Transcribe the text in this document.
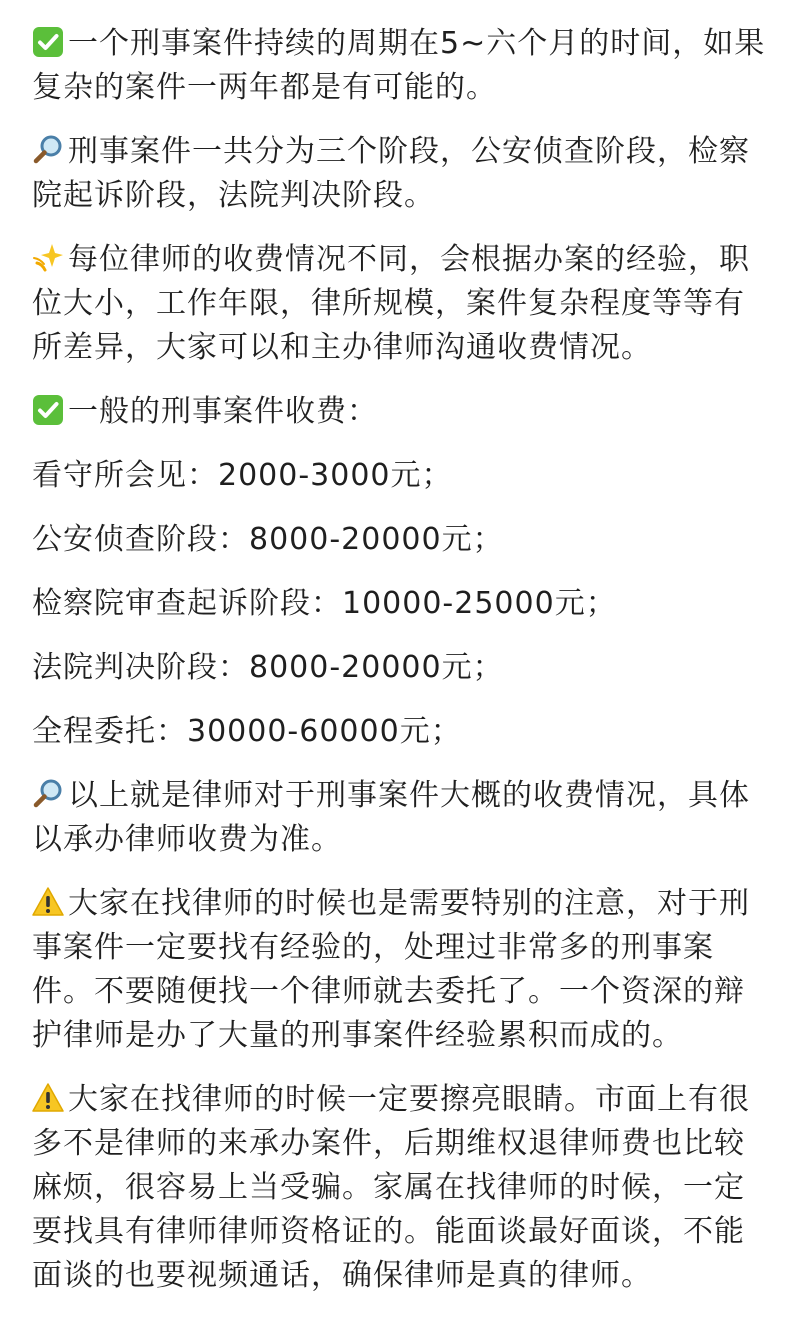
一个刑事案件持续的周期在5~六个月的时间，如果复杂的案件一两年都是有可能的。

刑事案件一共分为三个阶段，公安侦查阶段，检察院起诉阶段，法院判决阶段。

每位律师的收费情况不同，会根据办案的经验，职位大小，工作年限，律所规模，案件复杂程度等等有所差异，大家可以和主办律师沟通收费情况。

一般的刑事案件收费：

看守所会见：2000-3000元；

公安侦查阶段：8000-20000元；

检察院审查起诉阶段：10000-25000元；

法院判决阶段：8000-20000元；

全程委托：30000-60000元；

以上就是律师对于刑事案件大概的收费情况，具体以承办律师收费为准。

大家在找律师的时候也是需要特别的注意，对于刑事案件一定要找有经验的，处理过非常多的刑事案件。不要随便找一个律师就去委托了。一个资深的辩护律师是办了大量的刑事案件经验累积而成的。

大家在找律师的时候一定要擦亮眼睛。市面上有很多不是律师的来承办案件，后期维权退律师费也比较麻烦，很容易上当受骗。家属在找律师的时候，一定要找具有律师律师资格证的。能面谈最好面谈，不能面谈的也要视频通话，确保律师是真的律师。
